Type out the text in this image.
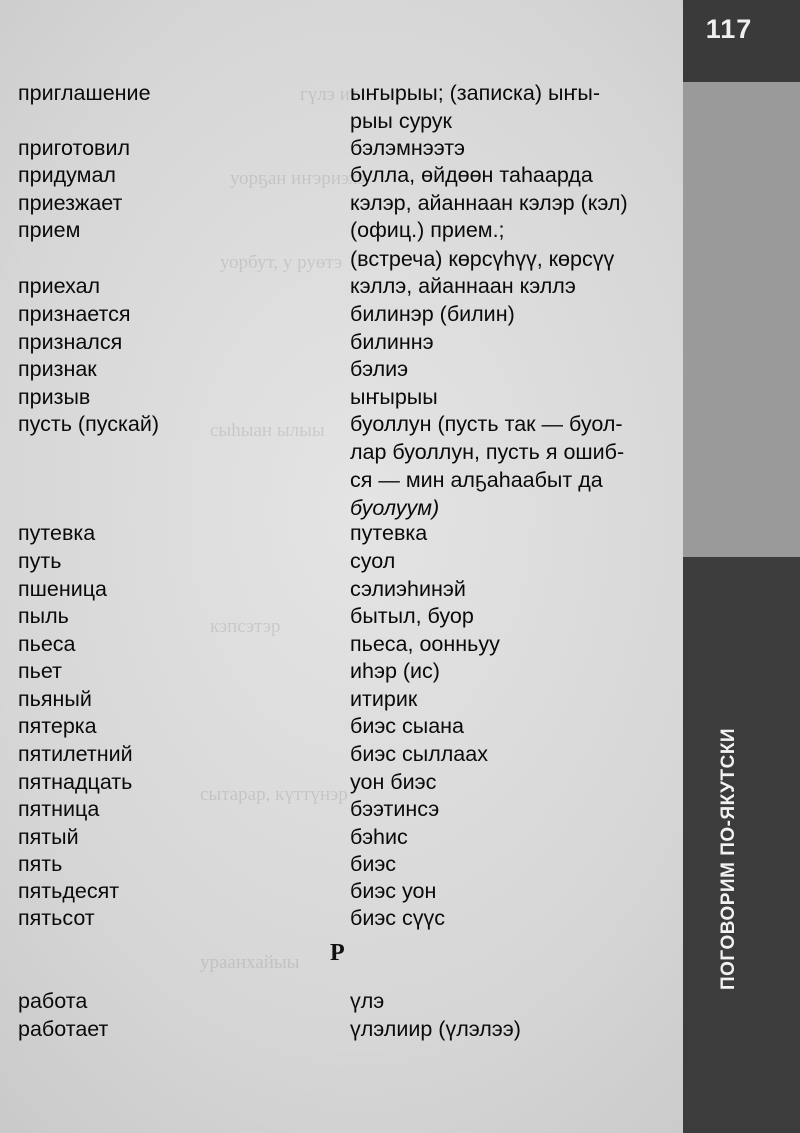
117
ПОГОВОРИМ ПО-ЯКУТСКИ
приглашение	ыҥырыы; (записка) ыҥы-
рыы сурук
приготовил	бэлэмнээтэ
придумал	булла, өйдөөн таһаарда
приезжает	кэлэр, айаннаан кэлэр (кэл)
прием	(офиц.) прием.;
(встреча) көрсүһүү, көрсүү
приехал	кэллэ, айаннаан кэллэ
признается	билинэр (билин)
признался	билиннэ
признак	бэлиэ
призыв	ыҥырыы
пусть (пускай)	буоллун (пусть так — буол-
лар буоллун, пусть я ошиб-
ся — мин алҕаһаабыт да
буолуум)
путевка	путевка
путь	суол
пшеница	сэлиэһинэй
пыль	бытыл, буор
пьеса	пьеса, оонньуу
пьет	иһэр (ис)
пьяный	итирик
пятерка	биэс сыана
пятилетний	биэс сыллаах
пятнадцать	уон биэс
пятница	бээтинсэ
пятый	бэһис
пять	биэс
пятьдесят	биэс уон
пятьсот	биэс сүүс
Р
работа	үлэ
работает	үлэлиир (үлэлээ)
